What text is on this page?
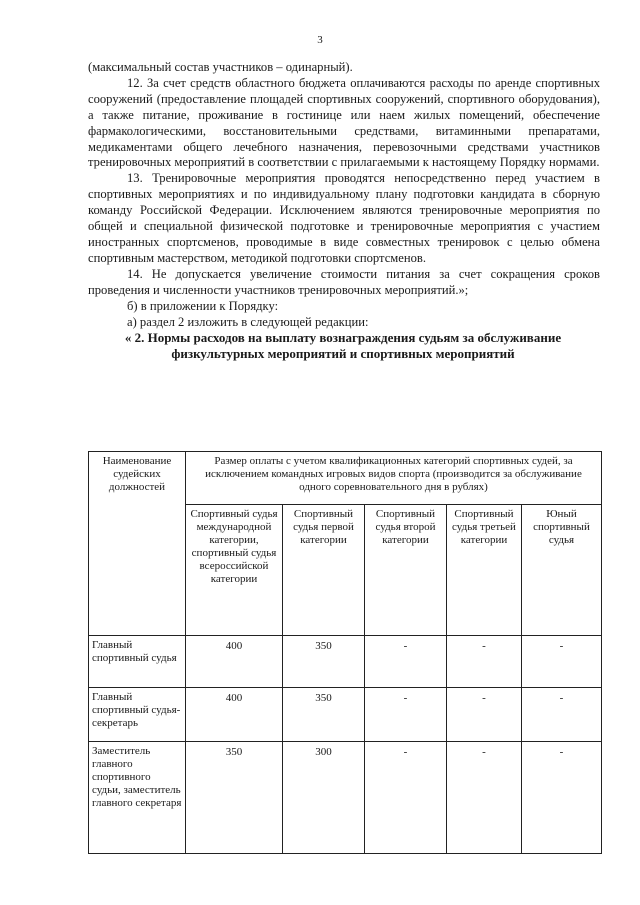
3

(максимальный состав участников – одинарный).

12. За счет средств областного бюджета оплачиваются расходы по аренде спортивных сооружений (предоставление площадей спортивных сооружений, спортивного оборудования), а также питание, проживание в гостинице или наем жилых помещений, обеспечение фармакологическими, восстановительными средствами, витаминными препаратами, медикаментами общего лечебного назначения, перевозочными средствами участников тренировочных мероприятий в соответствии с прилагаемыми к настоящему Порядку нормами.

13. Тренировочные мероприятия проводятся непосредственно перед участием в спортивных мероприятиях и по индивидуальному плану подготовки кандидата в сборную команду Российской Федерации. Исключением являются тренировочные мероприятия по общей и специальной физической подготовке и тренировочные мероприятия с участием иностранных спортсменов, проводимые в виде совместных тренировок с целью обмена спортивным мастерством, методикой подготовки спортсменов.

14. Не допускается увеличение стоимости питания за счет сокращения сроков проведения и численности участников тренировочных мероприятий.»;

б) в приложении к Порядку:

а) раздел 2 изложить в следующей редакции:

« 2. Нормы расходов на выплату вознаграждения судьям за обслуживание физкультурных мероприятий и спортивных мероприятий

Наименование судейских должностей	Размер оплаты с учетом квалификационных категорий спортивных судей, за исключением командных игровых видов спорта (производится за обслуживание одного соревновательного дня в рублях)				
	Спортивный судья международной категории, спортивный судья всероссийской категории	Спортивный судья первой категории	Спортивный судья второй категории	Спортивный судья третьей категории	Юный спортивный судья
Главный спортивный судья	400	350	-	-	-
Главный спортивный судья-секретарь	400	350	-	-	-
Заместитель главного спортивного судьи, заместитель главного секретаря	350	300	-	-	-
